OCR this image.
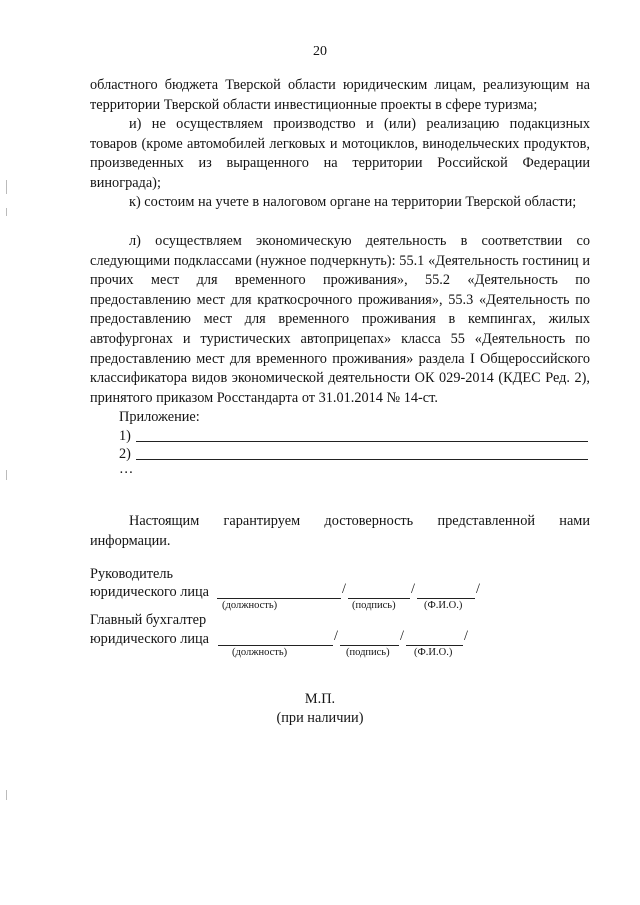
20

областного бюджета Тверской области юридическим лицам, реализующим на территории Тверской области инвестиционные проекты в сфере туризма;

и) не осуществляем производство и (или) реализацию подакцизных товаров (кроме автомобилей легковых и мотоциклов, винодельческих продуктов, произведенных из выращенного на территории Российской Федерации винограда);

к) состоим на учете в налоговом органе на территории Тверской области;

л) осуществляем экономическую деятельность в соответствии со следующими подклассами (нужное подчеркнуть): 55.1 «Деятельность гостиниц и прочих мест для временного проживания», 55.2 «Деятельность по предоставлению мест для краткосрочного проживания», 55.3 «Деятельность по предоставлению мест для временного проживания в кемпингах, жилых автофургонах и туристических автоприцепах» класса 55 «Деятельность по предоставлению мест для временного проживания» раздела I Общероссийского классификатора видов экономической деятельности ОК 029-2014 (КДЕС Ред. 2), принятого приказом Росстандарта от 31.01.2014 № 14-ст.

Приложение:
1)
2)
…

Настоящим гарантируем достоверность представленной нами информации.

Руководитель
юридического лица	/	/	/
(должность)	(подпись)	(Ф.И.О.)
Главный бухгалтер
юридического лица	/	/	/
(должность)	(подпись) (Ф.И.О.)
М.П.
(при наличии)
